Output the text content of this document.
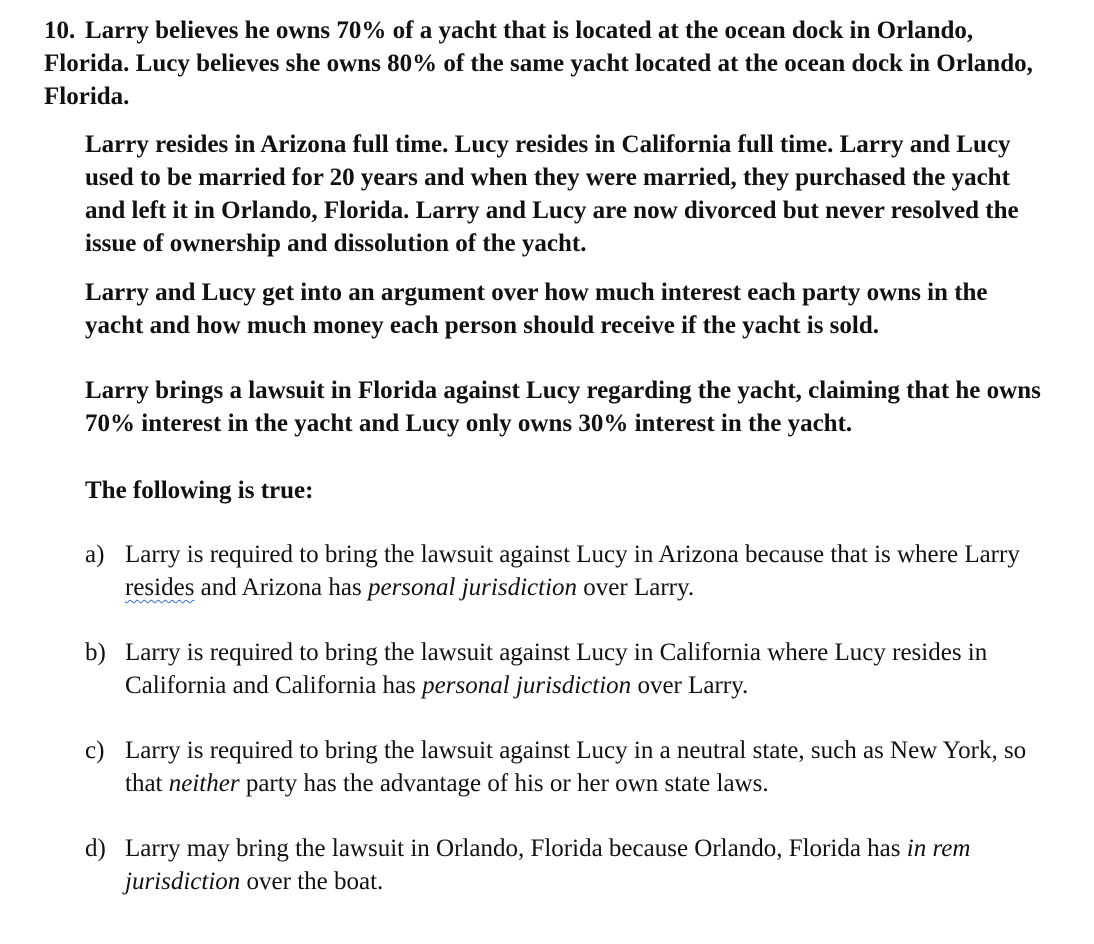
10. Larry believes he owns 70% of a yacht that is located at the ocean dock in Orlando, Florida. Lucy believes she owns 80% of the same yacht located at the ocean dock in Orlando, Florida.

Larry resides in Arizona full time. Lucy resides in California full time. Larry and Lucy used to be married for 20 years and when they were married, they purchased the yacht and left it in Orlando, Florida. Larry and Lucy are now divorced but never resolved the issue of ownership and dissolution of the yacht.

Larry and Lucy get into an argument over how much interest each party owns in the yacht and how much money each person should receive if the yacht is sold.

Larry brings a lawsuit in Florida against Lucy regarding the yacht, claiming that he owns 70% interest in the yacht and Lucy only owns 30% interest in the yacht.

The following is true:

a) Larry is required to bring the lawsuit against Lucy in Arizona because that is where Larry resides and Arizona has personal jurisdiction over Larry.
b) Larry is required to bring the lawsuit against Lucy in California where Lucy resides in California and California has personal jurisdiction over Larry.
c) Larry is required to bring the lawsuit against Lucy in a neutral state, such as New York, so that neither party has the advantage of his or her own state laws.
d) Larry may bring the lawsuit in Orlando, Florida because Orlando, Florida has in rem jurisdiction over the boat.
